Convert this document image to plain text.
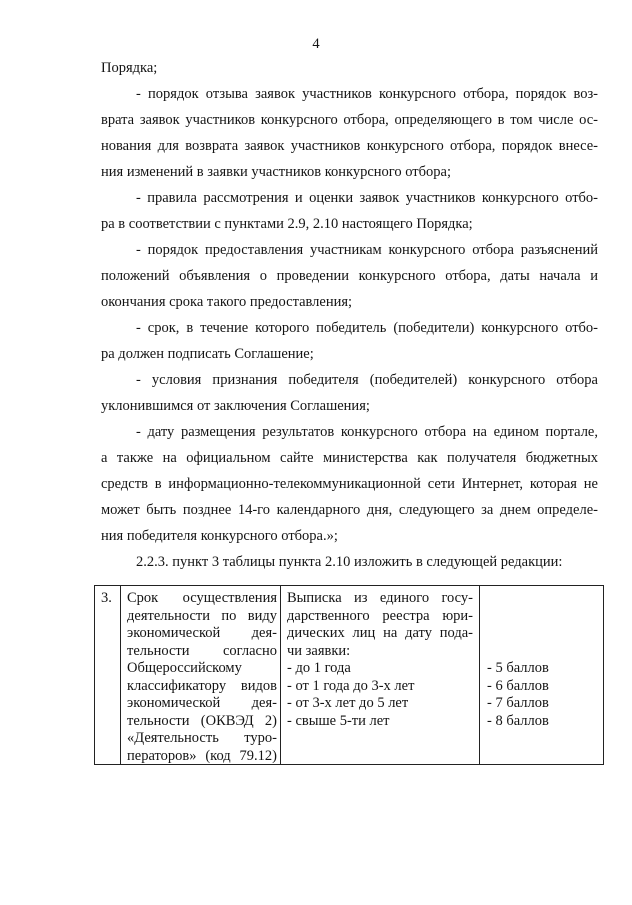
4
Порядка;
- порядок отзыва заявок участников конкурсного отбора, порядок воз-
врата заявок участников конкурсного отбора, определяющего в том числе ос-
нования для возврата заявок участников конкурсного отбора, порядок внесе-
ния изменений в заявки участников конкурсного отбора;
- правила рассмотрения и оценки заявок участников конкурсного отбо-
ра в соответствии с пунктами 2.9, 2.10 настоящего Порядка;
- порядок предоставления участникам конкурсного отбора разъяснений
положений объявления о проведении конкурсного отбора, даты начала и
окончания срока такого предоставления;
- срок, в течение которого победитель (победители) конкурсного отбо-
ра должен подписать Соглашение;
- условия признания победителя (победителей) конкурсного отбора
уклонившимся от заключения Соглашения;
- дату размещения результатов конкурсного отбора на едином портале,
а также на официальном сайте министерства как получателя бюджетных
средств в информационно-телекоммуникационной сети Интернет, которая не
может быть позднее 14-го календарного дня, следующего за днем определе-
ния победителя конкурсного отбора.»;
2.2.3. пункт 3 таблицы пункта 2.10 изложить в следующей редакции:
3. Срок осуществления
деятельности по виду
экономической дея-
тельности согласно
Общероссийскому
классификатору видов
экономической дея-
тельности (ОКВЭД 2)
«Деятельность туро-
ператоров» (код 79.12)
Выписка из единого госу-
дарственного реестра юри-
дических лиц на дату пода-
чи заявки:
- до 1 года
- от 1 года до 3-х лет
- от 3-х лет до 5 лет
- свыше 5-ти лет
- 5 баллов
- 6 баллов
- 7 баллов
- 8 баллов
